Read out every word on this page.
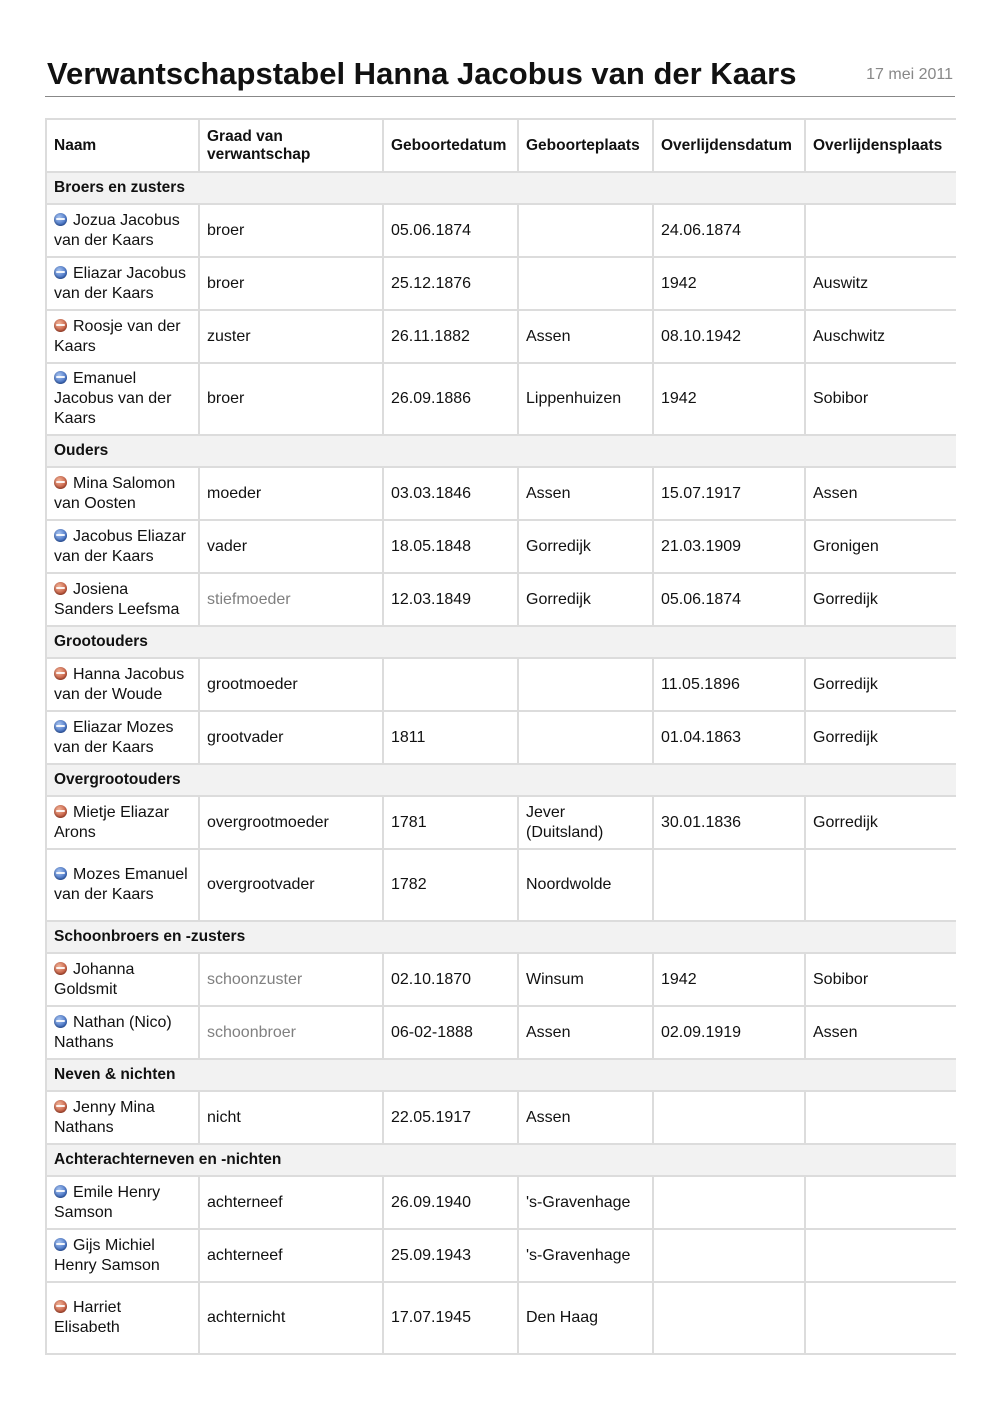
Verwantschapstabel Hanna Jacobus van der Kaars	17 mei 2011
Naam	Graad van verwantschap	Geboortedatum	Geboorteplaats	Overlijdensdatum	Overlijdensplaats
Broers en zusters					
Jozua Jacobus van der Kaars	broer	05.06.1874		24.06.1874	
Eliazar Jacobus van der Kaars	broer	25.12.1876		1942	Auswitz
Roosje van der Kaars	zuster	26.11.1882	Assen	08.10.1942	Auschwitz
Emanuel Jacobus van der Kaars	broer	26.09.1886	Lippenhuizen	1942	Sobibor
Ouders					
Mina Salomon van Oosten	moeder	03.03.1846	Assen	15.07.1917	Assen
Jacobus Eliazar van der Kaars	vader	18.05.1848	Gorredijk	21.03.1909	Gronigen
Josiena Sanders Leefsma	stiefmoeder	12.03.1849	Gorredijk	05.06.1874	Gorredijk
Grootouders					
Hanna Jacobus van der Woude	grootmoeder			11.05.1896	Gorredijk
Eliazar Mozes van der Kaars	grootvader	1811		01.04.1863	Gorredijk
Overgrootouders					
Mietje Eliazar Arons	overgrootmoeder	1781	Jever (Duitsland)	30.01.1836	Gorredijk
Mozes Emanuel van der Kaars	overgrootvader	1782	Noordwolde		
Schoonbroers en -zusters					
Johanna Goldsmit	schoonzuster	02.10.1870	Winsum	1942	Sobibor
Nathan (Nico) Nathans	schoonbroer	06-02-1888	Assen	02.09.1919	Assen
Neven & nichten					
Jenny Mina Nathans	nicht	22.05.1917	Assen		
Achterachterneven en -nichten					
Emile Henry Samson	achterneef	26.09.1940	's-Gravenhage		
Gijs Michiel Henry Samson	achterneef	25.09.1943	's-Gravenhage		
Harriet Elisabeth	achternicht	17.07.1945	Den Haag		
